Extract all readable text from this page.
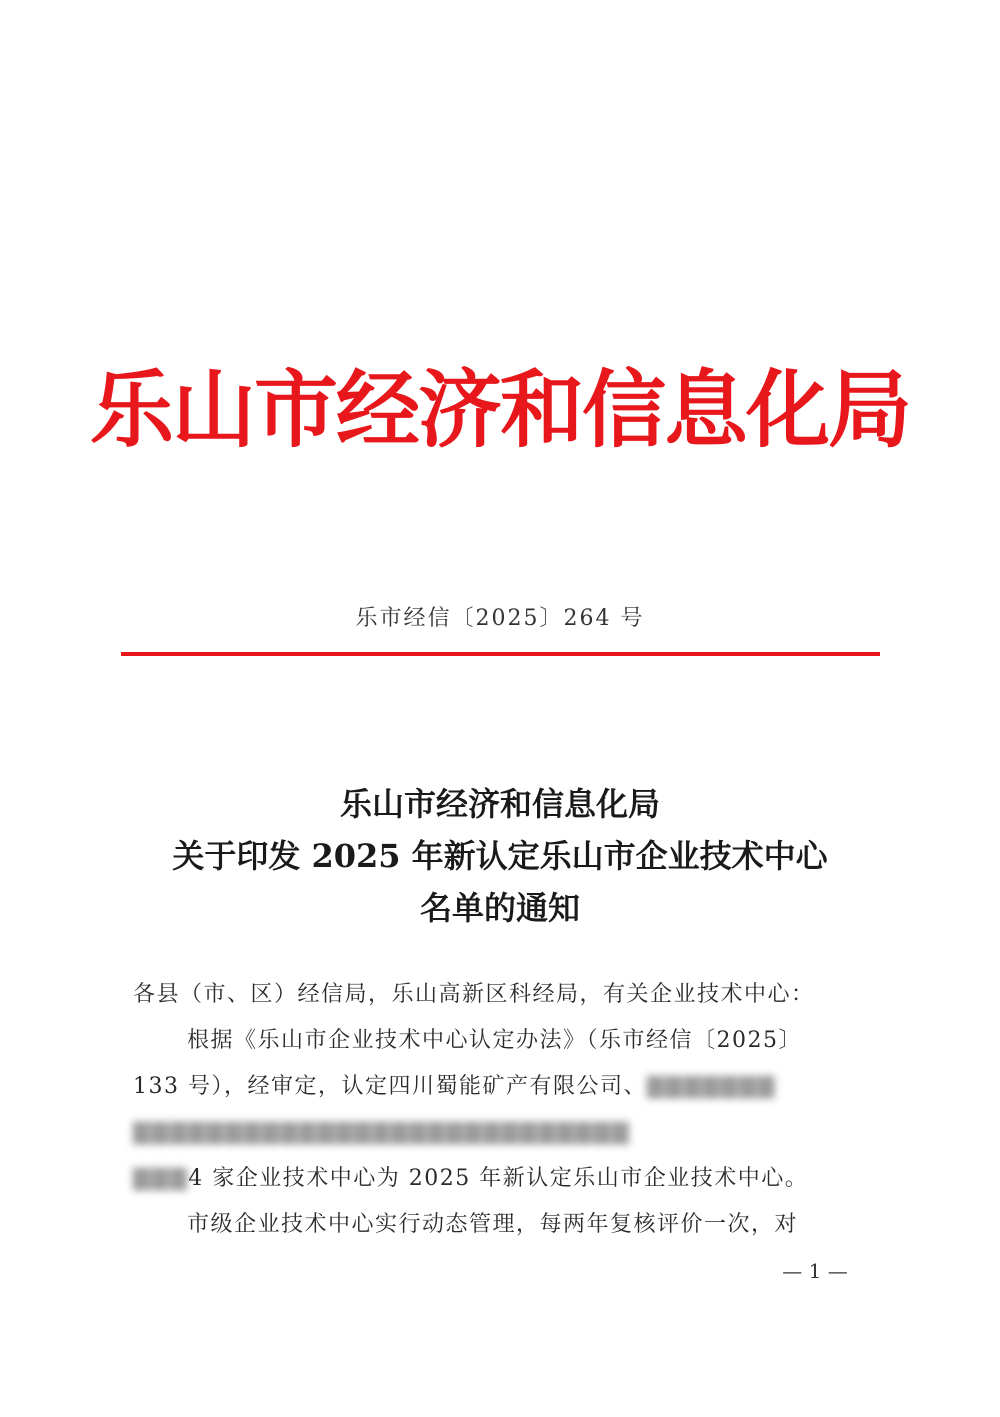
乐山市经济和信息化局
乐市经信〔2025〕264 号
乐山市经济和信息化局
关于印发 2025 年新认定乐山市企业技术中心
名单的通知
各县（市、区）经信局，乐山高新区科经局，有关企业技术中心：
根据《乐山市企业技术中心认定办法》（乐市经信〔2025〕
133 号），经审定，认定四川蜀能矿产有限公司、▇▇▇▇▇▇▇
▇▇▇▇▇▇▇▇▇▇▇▇▇▇▇▇▇▇▇▇▇▇▇▇▇▇▇
▇▇▇4 家企业技术中心为 2025 年新认定乐山市企业技术中心。
市级企业技术中心实行动态管理，每两年复核评价一次，对
— 1 —
